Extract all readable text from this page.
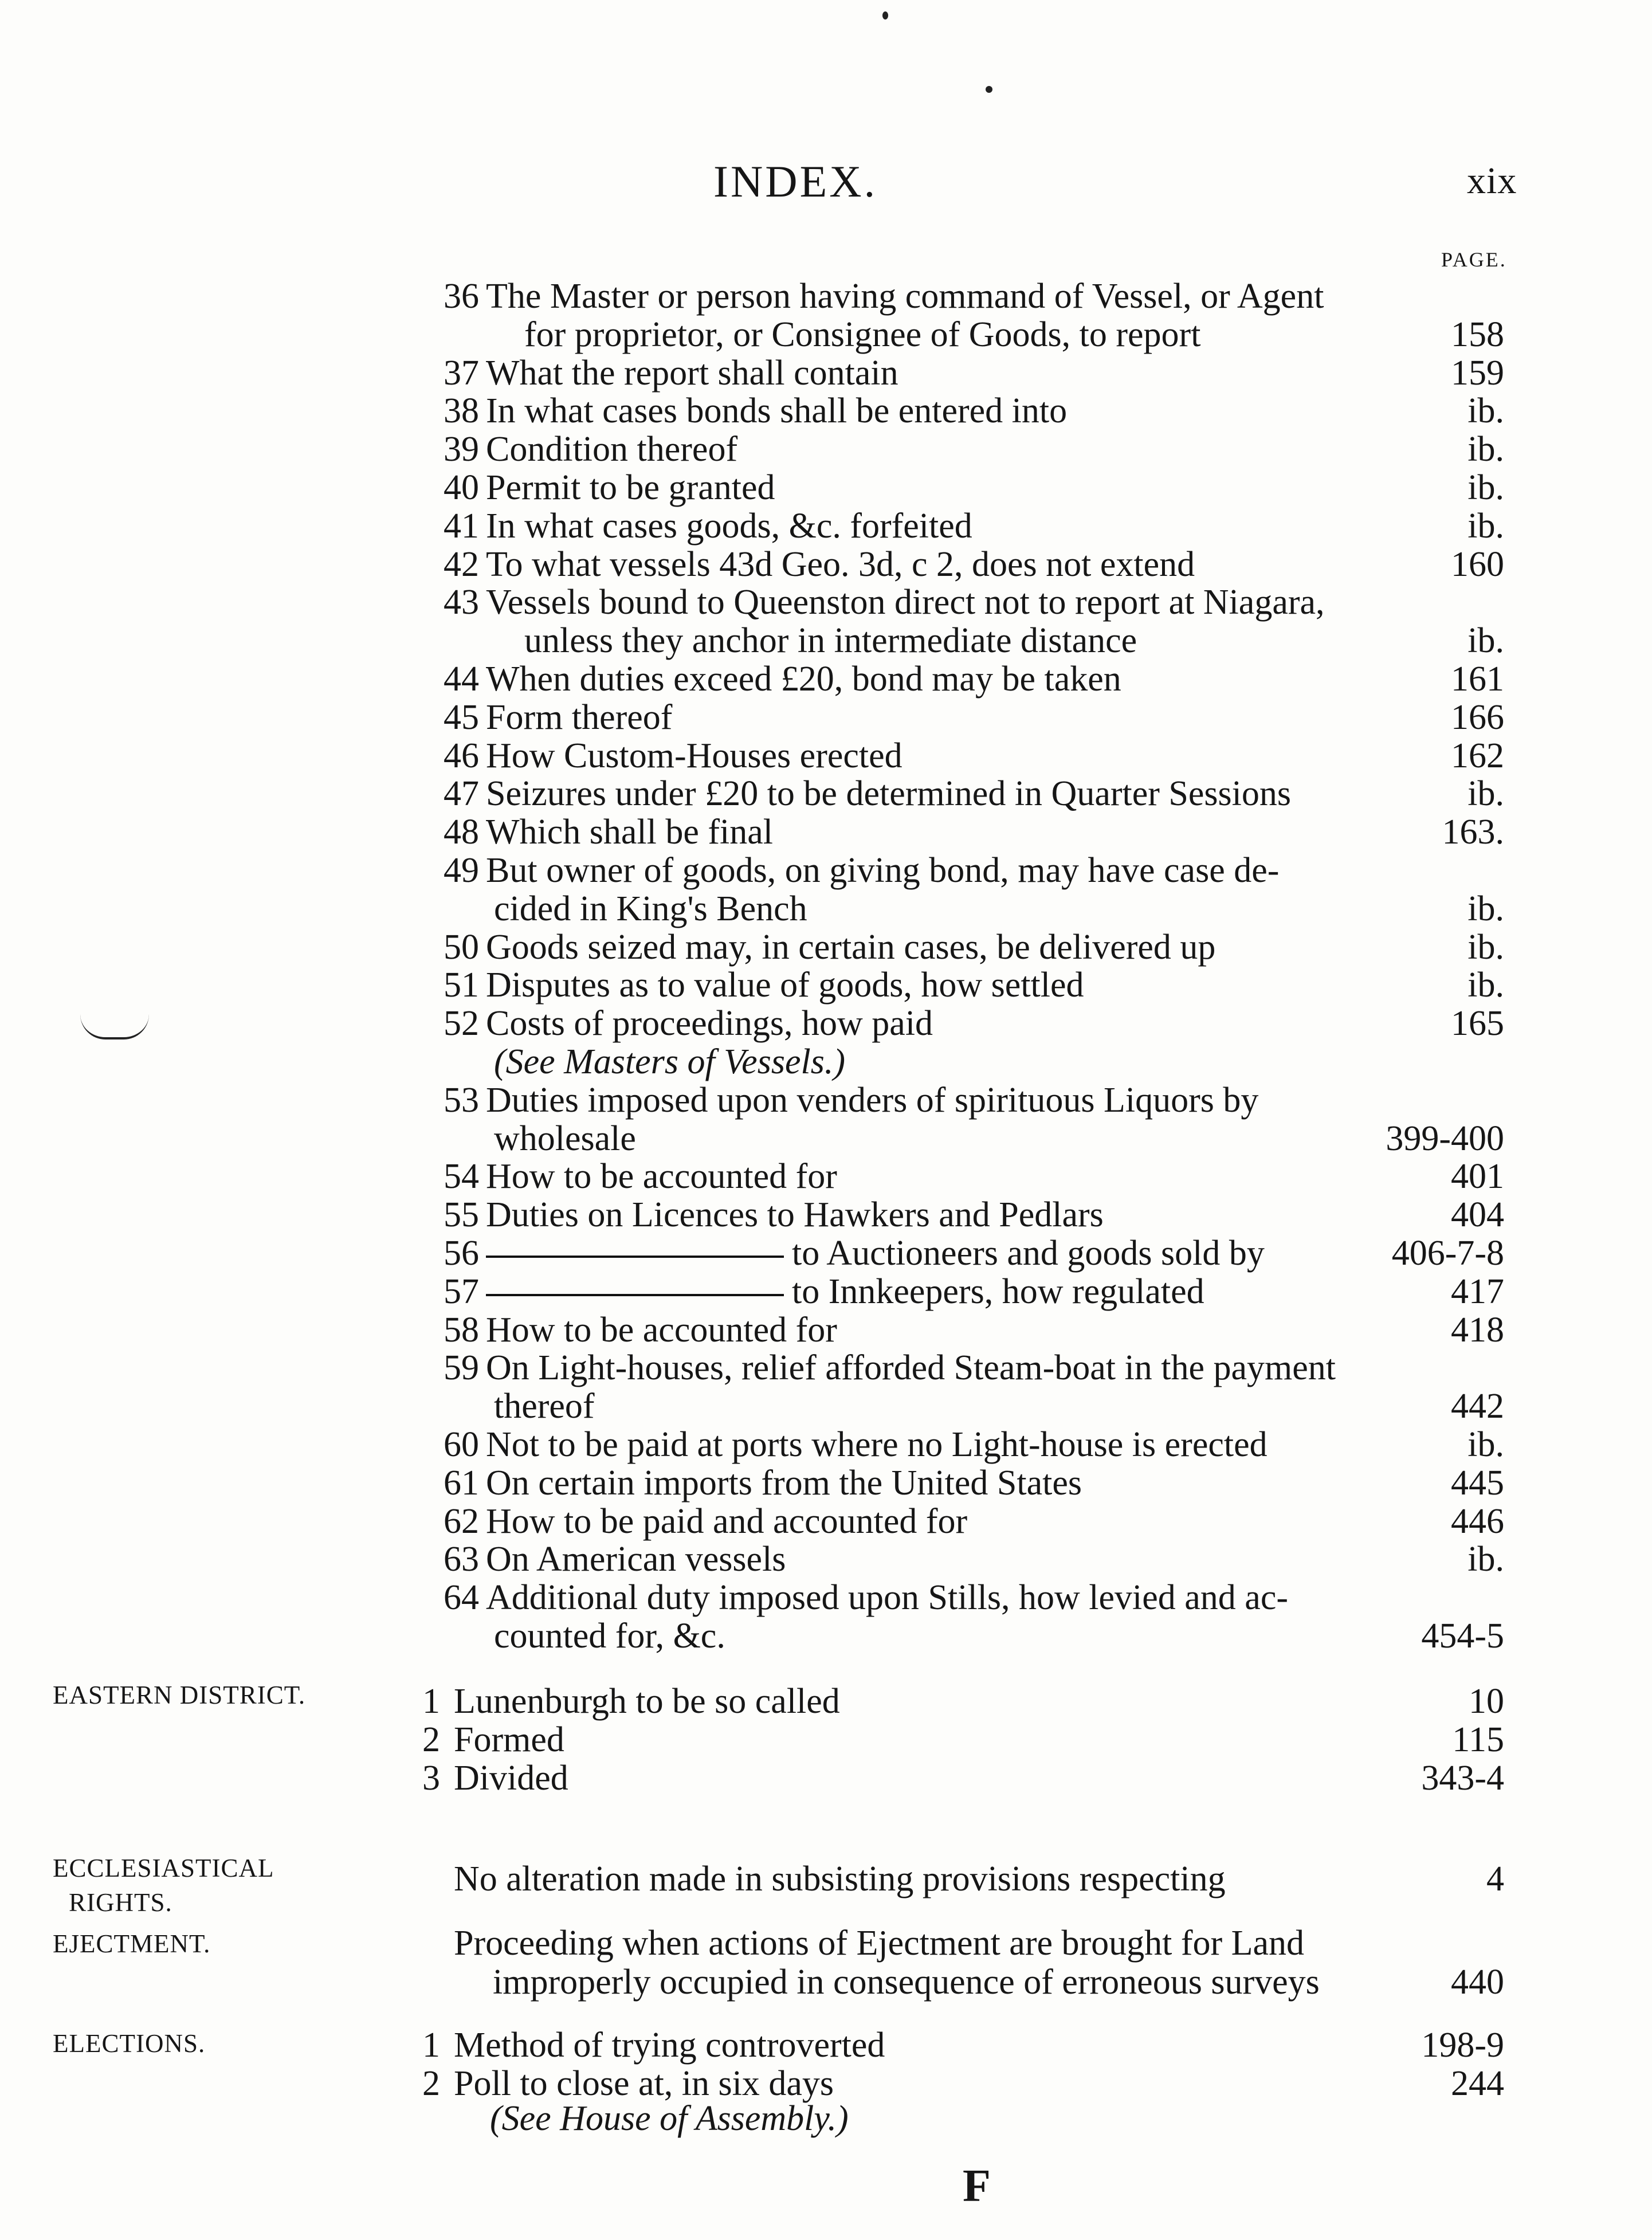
INDEX.	xix
PAGE.
36 The Master or person having command of Vessel, or Agent
for proprietor, or Consignee of Goods, to report	158
37 What the report shall contain	159
38 In what cases bonds shall be entered into	ib.
39 Condition thereof	ib.
40 Permit to be granted	ib.
41 In what cases goods, &c. forfeited	ib.
42 To what vessels 43d Geo. 3d, c 2, does not extend	160
43 Vessels bound to Queenston direct not to report at Niagara,
unless they anchor in intermediate distance	ib.
44 When duties exceed £20, bond may be taken	161
45 Form thereof	166
46 How Custom-Houses erected	162
47 Seizures under £20 to be determined in Quarter Sessions	ib.
48 Which shall be final	163.
49 But owner of goods, on giving bond, may have case de-
cided in King's Bench	ib.
50 Goods seized may, in certain cases, be delivered up	ib.
51 Disputes as to value of goods, how settled	ib.
52 Costs of proceedings, how paid	165
(See Masters of Vessels.)
53 Duties imposed upon venders of spirituous Liquors by
wholesale	399-400
54 How to be accounted for	401
55 Duties on Licences to Hawkers and Pedlars	404
56	to Auctioneers and goods sold by	406-7-8
57	to Innkeepers, how regulated	417
58 How to be accounted for	418
59 On Light-houses, relief afforded Steam-boat in the payment
thereof	442
60 Not to be paid at ports where no Light-house is erected	ib.
61 On certain imports from the United States	445
62 How to be paid and accounted for	446
63 On American vessels	ib.
64 Additional duty imposed upon Stills, how levied and ac-
counted for, &c.	454-5
EASTERN DISTRICT.	1 Lunenburgh to be so called	10
2 Formed	115
3 Divided	343-4
ECCLESIASTICAL
RIGHTS.
No alteration made in subsisting provisions respecting	4
EJECTMENT.	Proceeding when actions of Ejectment are brought for Land
improperly occupied in consequence of erroneous surveys	440
ELECTIONS.	1 Method of trying controverted	198-9
2 Poll to close at, in six days	244
(See House of Assembly.)
F
